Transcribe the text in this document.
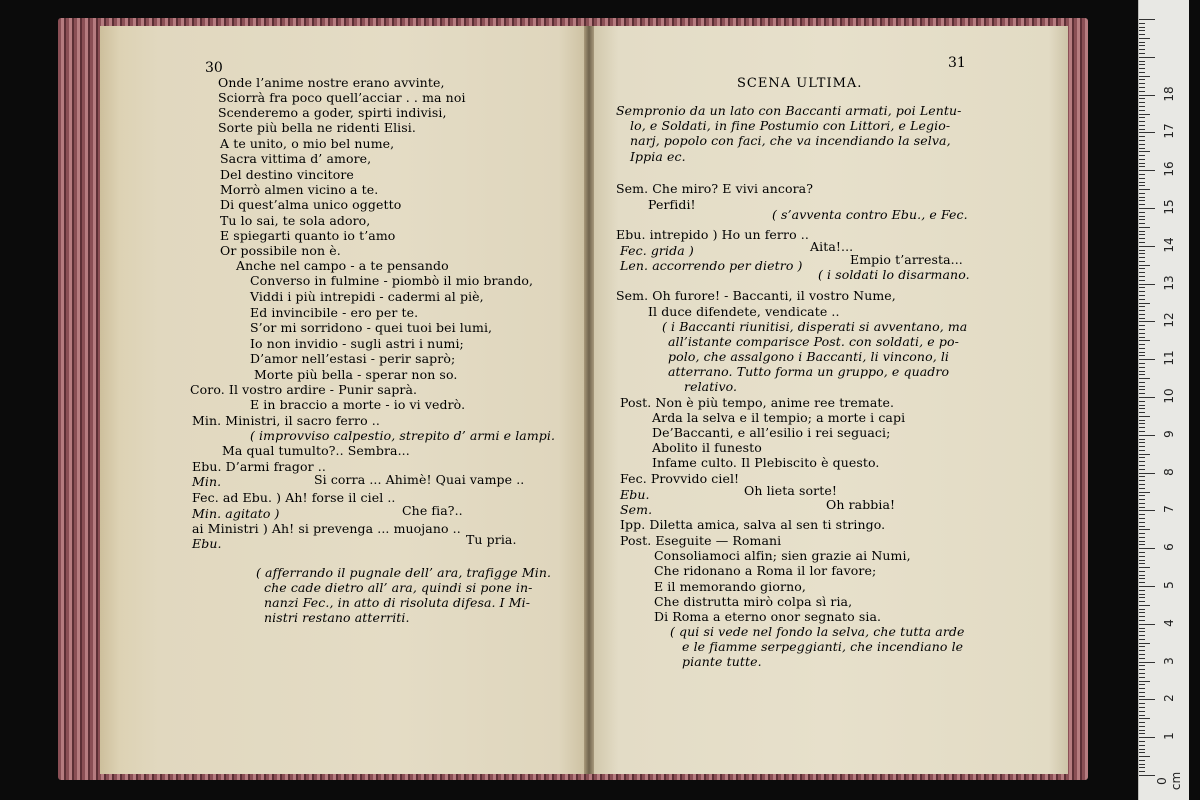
30	31
SCENA ULTIMA.
Onde l’anime nostre erano avvinte,
Sciorrà fra poco quell’acciar . . ma noi
Scenderemo a goder, spirti indivisi,
Sorte più bella ne ridenti Elisi.
A te unito, o mio bel nume,
Sacra vittima d’ amore,
Del destino vincitore
Morrò almen vicino a te.
Di quest’alma unico oggetto
Tu lo sai, te sola adoro,
E spiegarti quanto io t’amo
Or possibile non è.
Anche nel campo - a te pensando
Converso in fulmine - piombò il mio brando,
Viddi i più intrepidi - cadermi al piè,
Ed invincibile - ero per te.
S’or mi sorridono - quei tuoi bei lumi,
Io non invidio - sugli astri i numi;
D’amor nell’estasi - perir saprò;
Morte più bella - sperar non so.
Coro. Il vostro ardire - Punir saprà.
E in braccio a morte - io vi vedrò.
Min. Ministri, il sacro ferro ..
( improvviso calpestio, strepito d’ armi e lampi.
Ma qual tumulto?.. Sembra...
Ebu. D’armi fragor ..
Min.	Si corra ... Ahimè! Quai vampe ..
Fec. ad Ebu. ) Ah! forse il ciel ..
Min. agitato )	Che fia?..
ai Ministri ) Ah! si prevenga ... muojano ..
Ebu.	Tu pria.
( afferrando il pugnale dell’ ara, trafigge Min.
che cade dietro all’ ara, quindi si pone in-
nanzi Fec., in atto di risoluta difesa. I Mi-
nistri restano atterriti.
Sempronio da un lato con Baccanti armati, poi Lentu-
lo, e Soldati, in fine Postumio con Littori, e Legio-
narj, popolo con faci, che va incendiando la selva,
Ippia ec.
Sem. Che miro? E vivi ancora?
Perfidi!
( s’avventa contro Ebu., e Fec.
Ebu. intrepido ) Ho un ferro ..
Aita!...
Fec. grida )
Len. accorrendo per dietro )	Empio t’arresta...
( i soldati lo disarmano.
Sem. Oh furore! - Baccanti, il vostro Nume,
Il duce difendete, vendicate ..
( i Baccanti riunitisi, disperati si avventano, ma
all’istante comparisce Post. con soldati, e po-
polo, che assalgono i Baccanti, li vincono, li
atterrano. Tutto forma un gruppo, e quadro
relativo.
Post. Non è più tempo, anime ree tremate.
Arda la selva e il tempio; a morte i capi
De’Baccanti, e all’esilio i rei seguaci;
Abolito il funesto
Infame culto. Il Plebiscito è questo.
Fec. Provvido ciel!
Ebu.	Oh lieta sorte!
Sem.	Oh rabbia!
Ipp. Diletta amica, salva al sen ti stringo.
Post. Eseguite — Romani
Consoliamoci alfin; sien grazie ai Numi,
Che ridonano a Roma il lor favore;
E il memorando giorno,
Che distrutta mirò colpa sì ria,
Di Roma a eterno onor segnato sia.
( qui si vede nel fondo la selva, che tutta arde
e le fiamme serpeggianti, che incendiano le
piante tutte.
0 cm
1
2
3
4
5
6
7
8
9
10
11
12
13
14
15
16
17
18
